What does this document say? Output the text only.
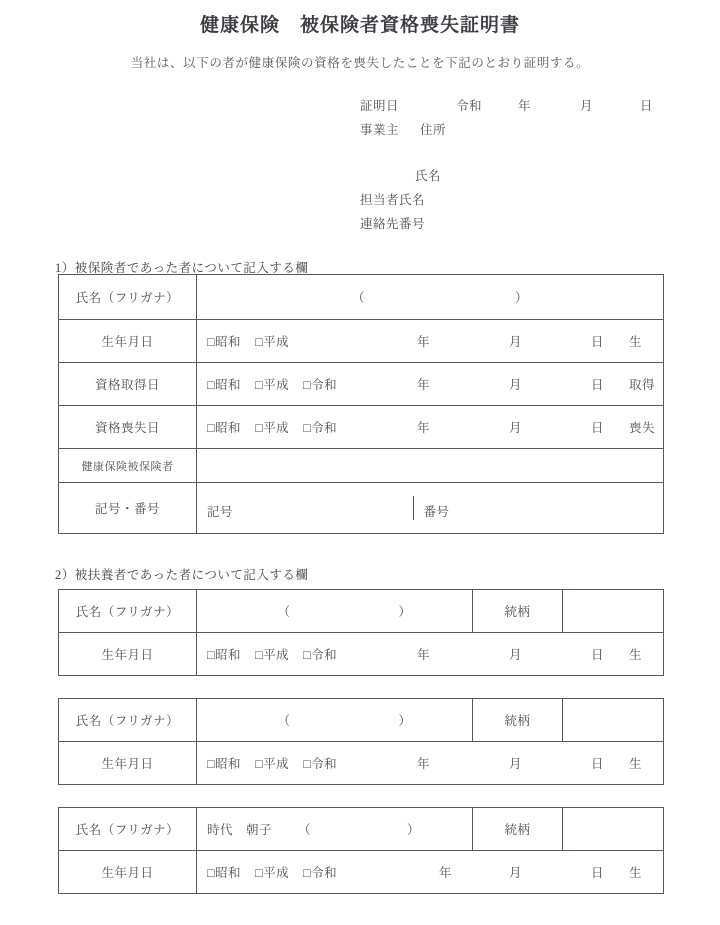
健康保険　被保険者資格喪失証明書

当社は、以下の者が健康保険の資格を喪失したことを下記のとおり証明する。

証明日	令和	年	月	日
事業主	住所
氏名
担当者氏名
連絡先番号
1）被保険者であった者について記入する欄
氏名（フリガナ）	（	）

生年月日	□昭和 □平成	年	月	日	生

資格取得日	□昭和 □平成 □令和	年	月	日	取得

資格喪失日	□昭和 □平成 □令和	年	月	日	喪失

健康保険被保険者	

記号・番号		記号	番号
2）被扶養者であった者について記入する欄
氏名（フリガナ）	（ ）	統柄	

生年月日	□昭和 □平成 □令和	年	月	日	生
氏名（フリガナ）	（ ）	統柄	

生年月日	□昭和 □平成 □令和	年	月	日	生
氏名（フリガナ）	時代　朝子 （ ）	統柄	

生年月日	□昭和 □平成 □令和	年	月	日	生
